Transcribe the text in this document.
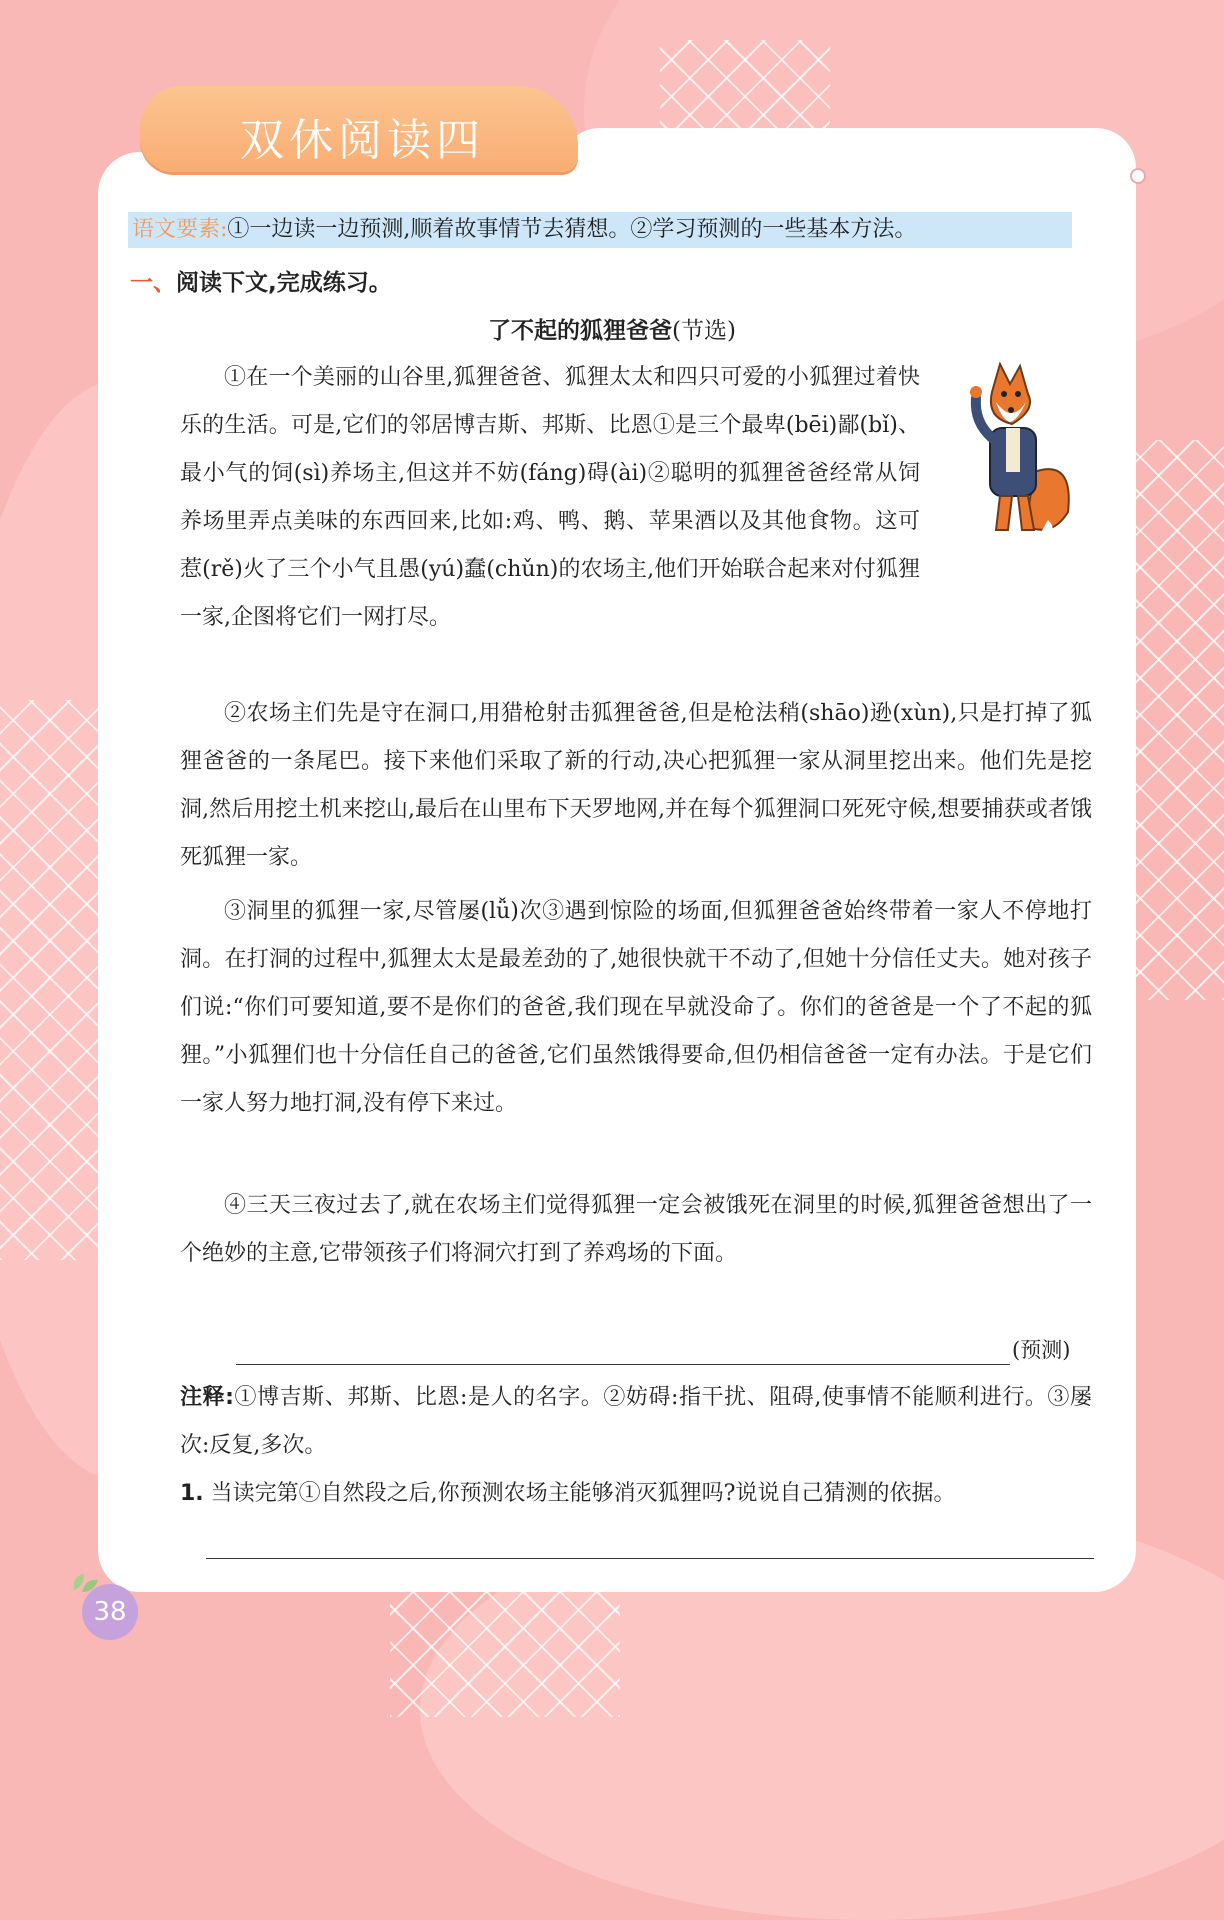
双休阅读四
语文要素:①一边读一边预测,顺着故事情节去猜想。②学习预测的一些基本方法。
一、阅读下文,完成练习。
了不起的狐狸爸爸(节选)

①在一个美丽的山谷里,狐狸爸爸、狐狸太太和四只可爱的小狐狸过着快乐的生活。可是,它们的邻居博吉斯、邦斯、比恩①是三个最卑(bēi)鄙(bǐ)、最小气的饲(sì)养场主,但这并不妨(fáng)碍(ài)②聪明的狐狸爸爸经常从饲养场里弄点美味的东西回来,比如:鸡、鸭、鹅、苹果酒以及其他食物。这可惹(rě)火了三个小气且愚(yú)蠢(chǔn)的农场主,他们开始联合起来对付狐狸一家,企图将它们一网打尽。

②农场主们先是守在洞口,用猎枪射击狐狸爸爸,但是枪法稍(shāo)逊(xùn),只是打掉了狐狸爸爸的一条尾巴。接下来他们采取了新的行动,决心把狐狸一家从洞里挖出来。他们先是挖洞,然后用挖土机来挖山,最后在山里布下天罗地网,并在每个狐狸洞口死死守候,想要捕获或者饿死狐狸一家。

③洞里的狐狸一家,尽管屡(lǚ)次③遇到惊险的场面,但狐狸爸爸始终带着一家人不停地打洞。在打洞的过程中,狐狸太太是最差劲的了,她很快就干不动了,但她十分信任丈夫。她对孩子们说:“你们可要知道,要不是你们的爸爸,我们现在早就没命了。你们的爸爸是一个了不起的狐狸。”小狐狸们也十分信任自己的爸爸,它们虽然饿得要命,但仍相信爸爸一定有办法。于是它们一家人努力地打洞,没有停下来过。

④三天三夜过去了,就在农场主们觉得狐狸一定会被饿死在洞里的时候,狐狸爸爸想出了一个绝妙的主意,它带领孩子们将洞穴打到了养鸡场的下面。

(预测)
注释:①博吉斯、邦斯、比恩:是人的名字。②妨碍:指干扰、阻碍,使事情不能顺利进行。③屡次:反复,多次。
1. 当读完第①自然段之后,你预测农场主能够消灭狐狸吗?说说自己猜测的依据。
38
